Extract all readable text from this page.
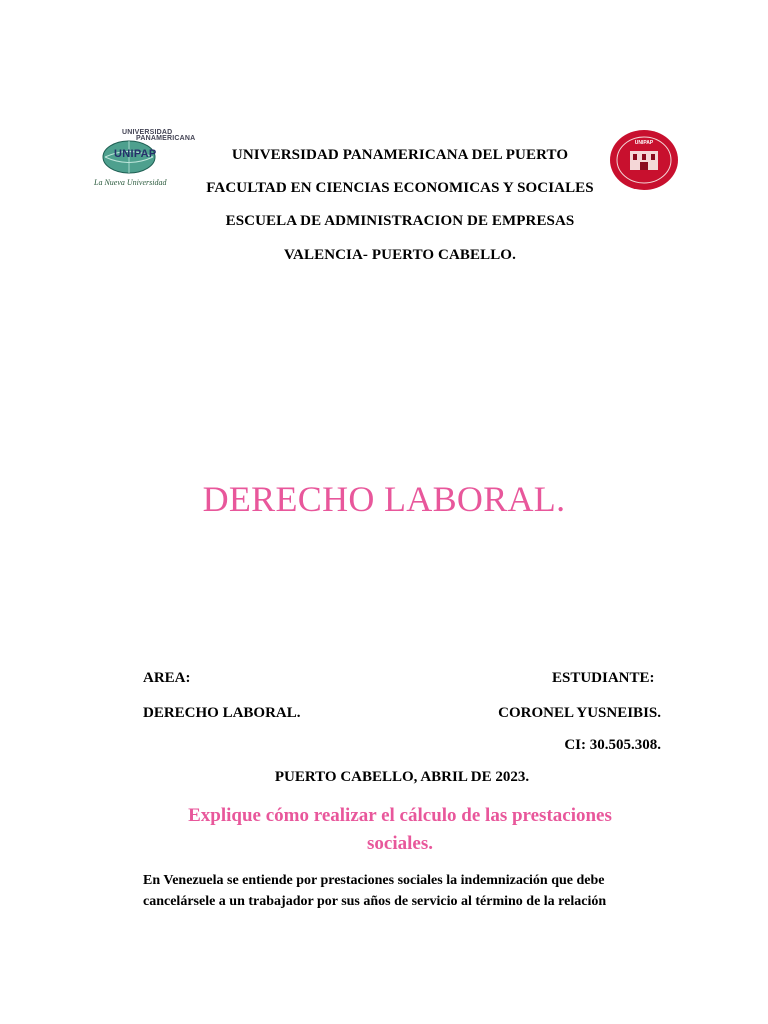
UNIVERSIDAD
PANAMERICANA
UNIPAP
La Nueva Universidad
UNIPAP
UNIVERSIDAD PANAMERICANA DEL PUERTO
FACULTAD EN CIENCIAS ECONOMICAS Y SOCIALES
ESCUELA DE ADMINISTRACION DE EMPRESAS
VALENCIA- PUERTO CABELLO.
DERECHO LABORAL.
AREA:	ESTUDIANTE:
DERECHO LABORAL.	CORONEL YUSNEIBIS.
CI: 30.505.308.
PUERTO CABELLO, ABRIL DE 2023.
Explique cómo realizar el cálculo de las prestaciones
sociales.
En Venezuela se entiende por prestaciones sociales la indemnización que debe
cancelársele a un trabajador por sus años de servicio al término de la relación
